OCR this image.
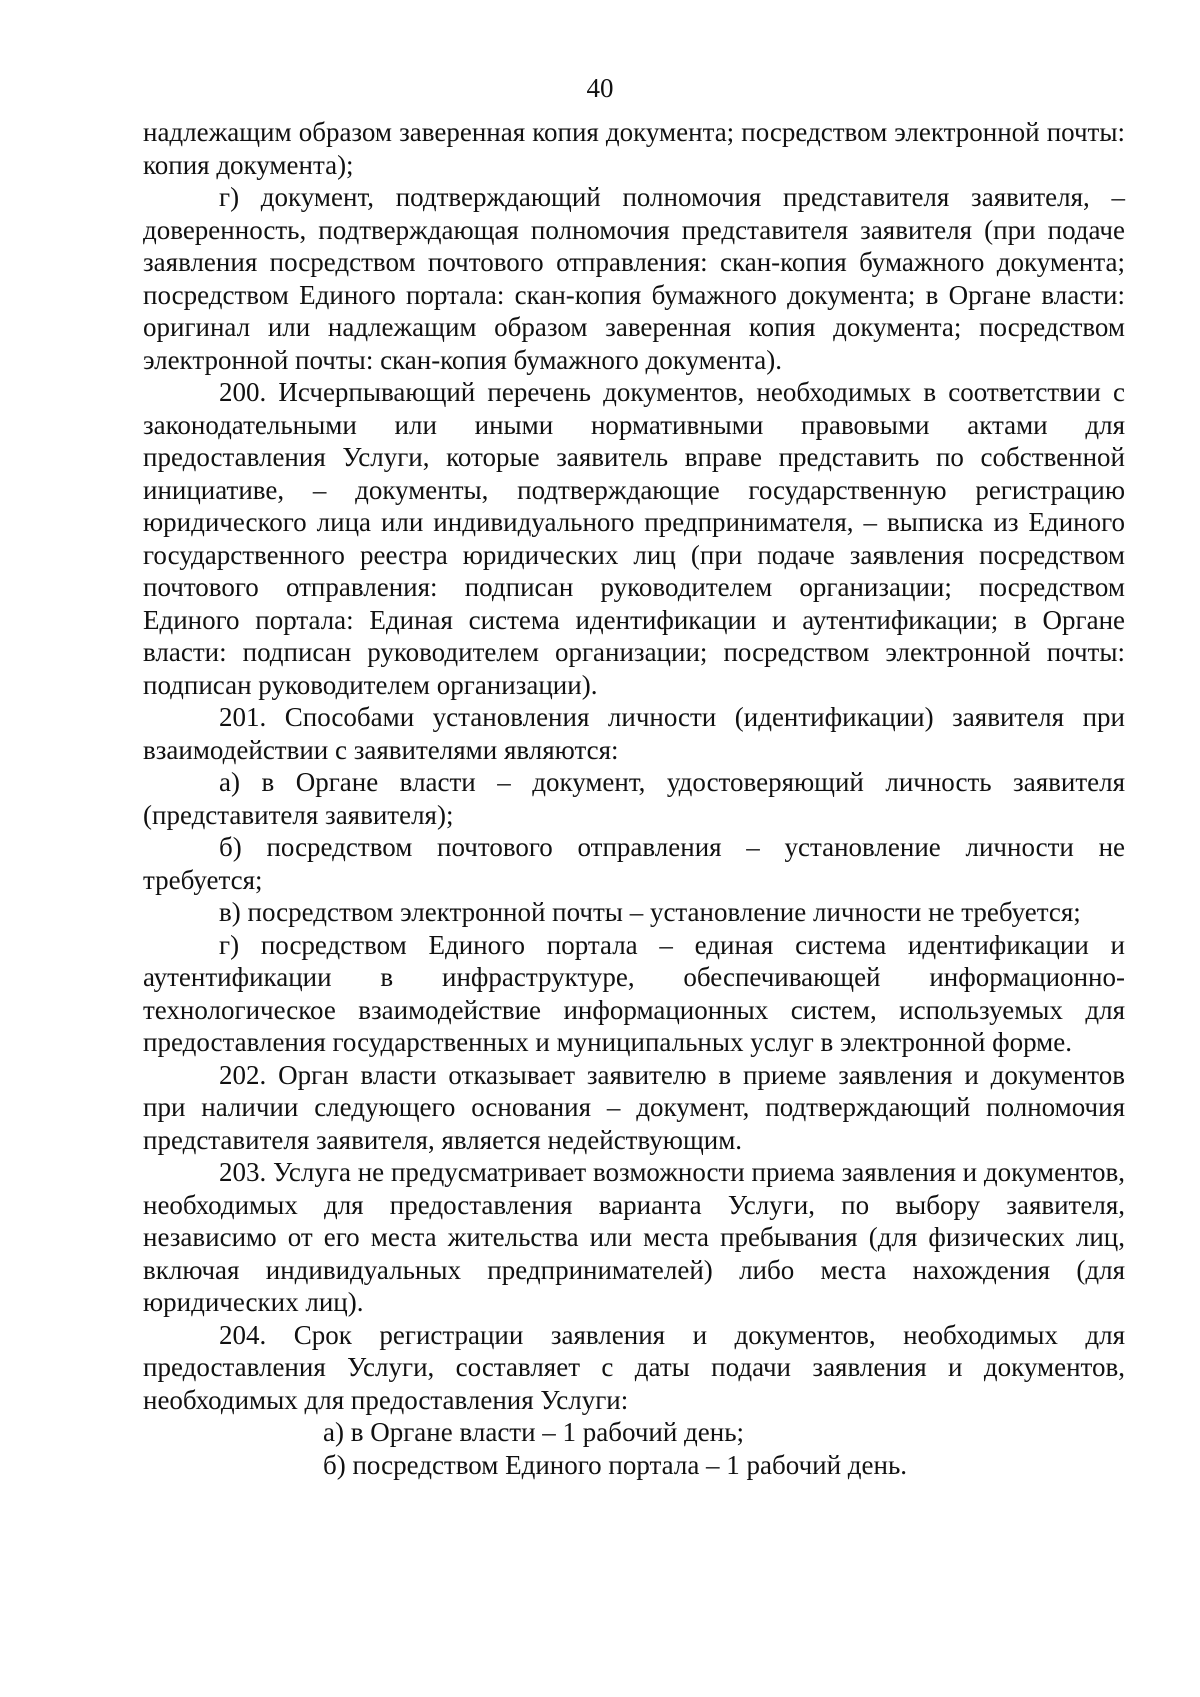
40

надлежащим образом заверенная копия документа; посредством электронной почты: копия документа);

г) документ, подтверждающий полномочия представителя заявителя, – доверенность, подтверждающая полномочия представителя заявителя (при подаче заявления посредством почтового отправления: скан-копия бумажного документа; посредством Единого портала: скан-копия бумажного документа; в Органе власти: оригинал или надлежащим образом заверенная копия документа; посредством электронной почты: скан-копия бумажного документа).

200. Исчерпывающий перечень документов, необходимых в соответствии с законодательными или иными нормативными правовыми актами для предоставления Услуги, которые заявитель вправе представить по собственной инициативе, – документы, подтверждающие государственную регистрацию юридического лица или индивидуального предпринимателя, – выписка из Единого государственного реестра юридических лиц (при подаче заявления посредством почтового отправления: подписан руководителем организации; посредством Единого портала: Единая система идентификации и аутентификации; в Органе власти: подписан руководителем организации; посредством электронной почты: подписан руководителем организации).

201. Способами установления личности (идентификации) заявителя при взаимодействии с заявителями являются:

а) в Органе власти – документ, удостоверяющий личность заявителя (представителя заявителя);

б) посредством почтового отправления – установление личности не требуется;

в) посредством электронной почты – установление личности не требуется;

г) посредством Единого портала – единая система идентификации и аутентификации в инфраструктуре, обеспечивающей информационно-технологическое взаимодействие информационных систем, используемых для предоставления государственных и муниципальных услуг в электронной форме.

202. Орган власти отказывает заявителю в приеме заявления и документов при наличии следующего основания – документ, подтверждающий полномочия представителя заявителя, является недействующим.

203. Услуга не предусматривает возможности приема заявления и документов, необходимых для предоставления варианта Услуги, по выбору заявителя, независимо от его места жительства или места пребывания (для физических лиц, включая индивидуальных предпринимателей) либо места нахождения (для юридических лиц).

204. Срок регистрации заявления и документов, необходимых для предоставления Услуги, составляет с даты подачи заявления и документов, необходимых для предоставления Услуги:

а) в Органе власти – 1 рабочий день;

б) посредством Единого портала – 1 рабочий день.
